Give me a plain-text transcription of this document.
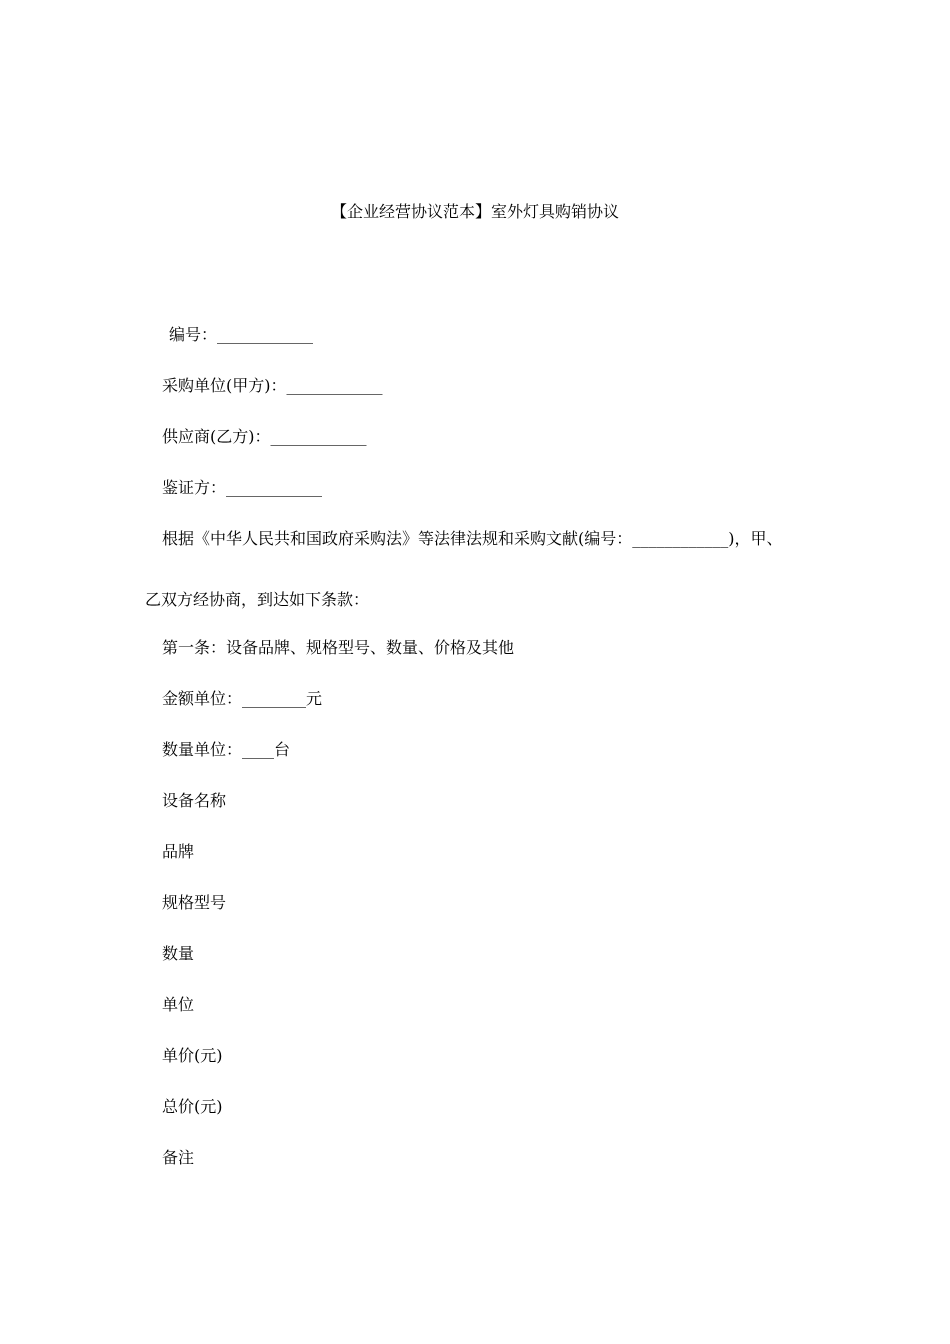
【企业经营协议范本】室外灯具购销协议
编号：____________
采购单位(甲方)：____________
供应商(乙方)：____________
鉴证方：____________
根据《中华人民共和国政府采购法》等法律法规和采购文献(编号：____________)，甲、
乙双方经协商，到达如下条款：
第一条：设备品牌、规格型号、数量、价格及其他
金额单位：________元
数量单位：____台
设备名称
品牌
规格型号
数量
单位
单价(元)
总价(元)
备注
